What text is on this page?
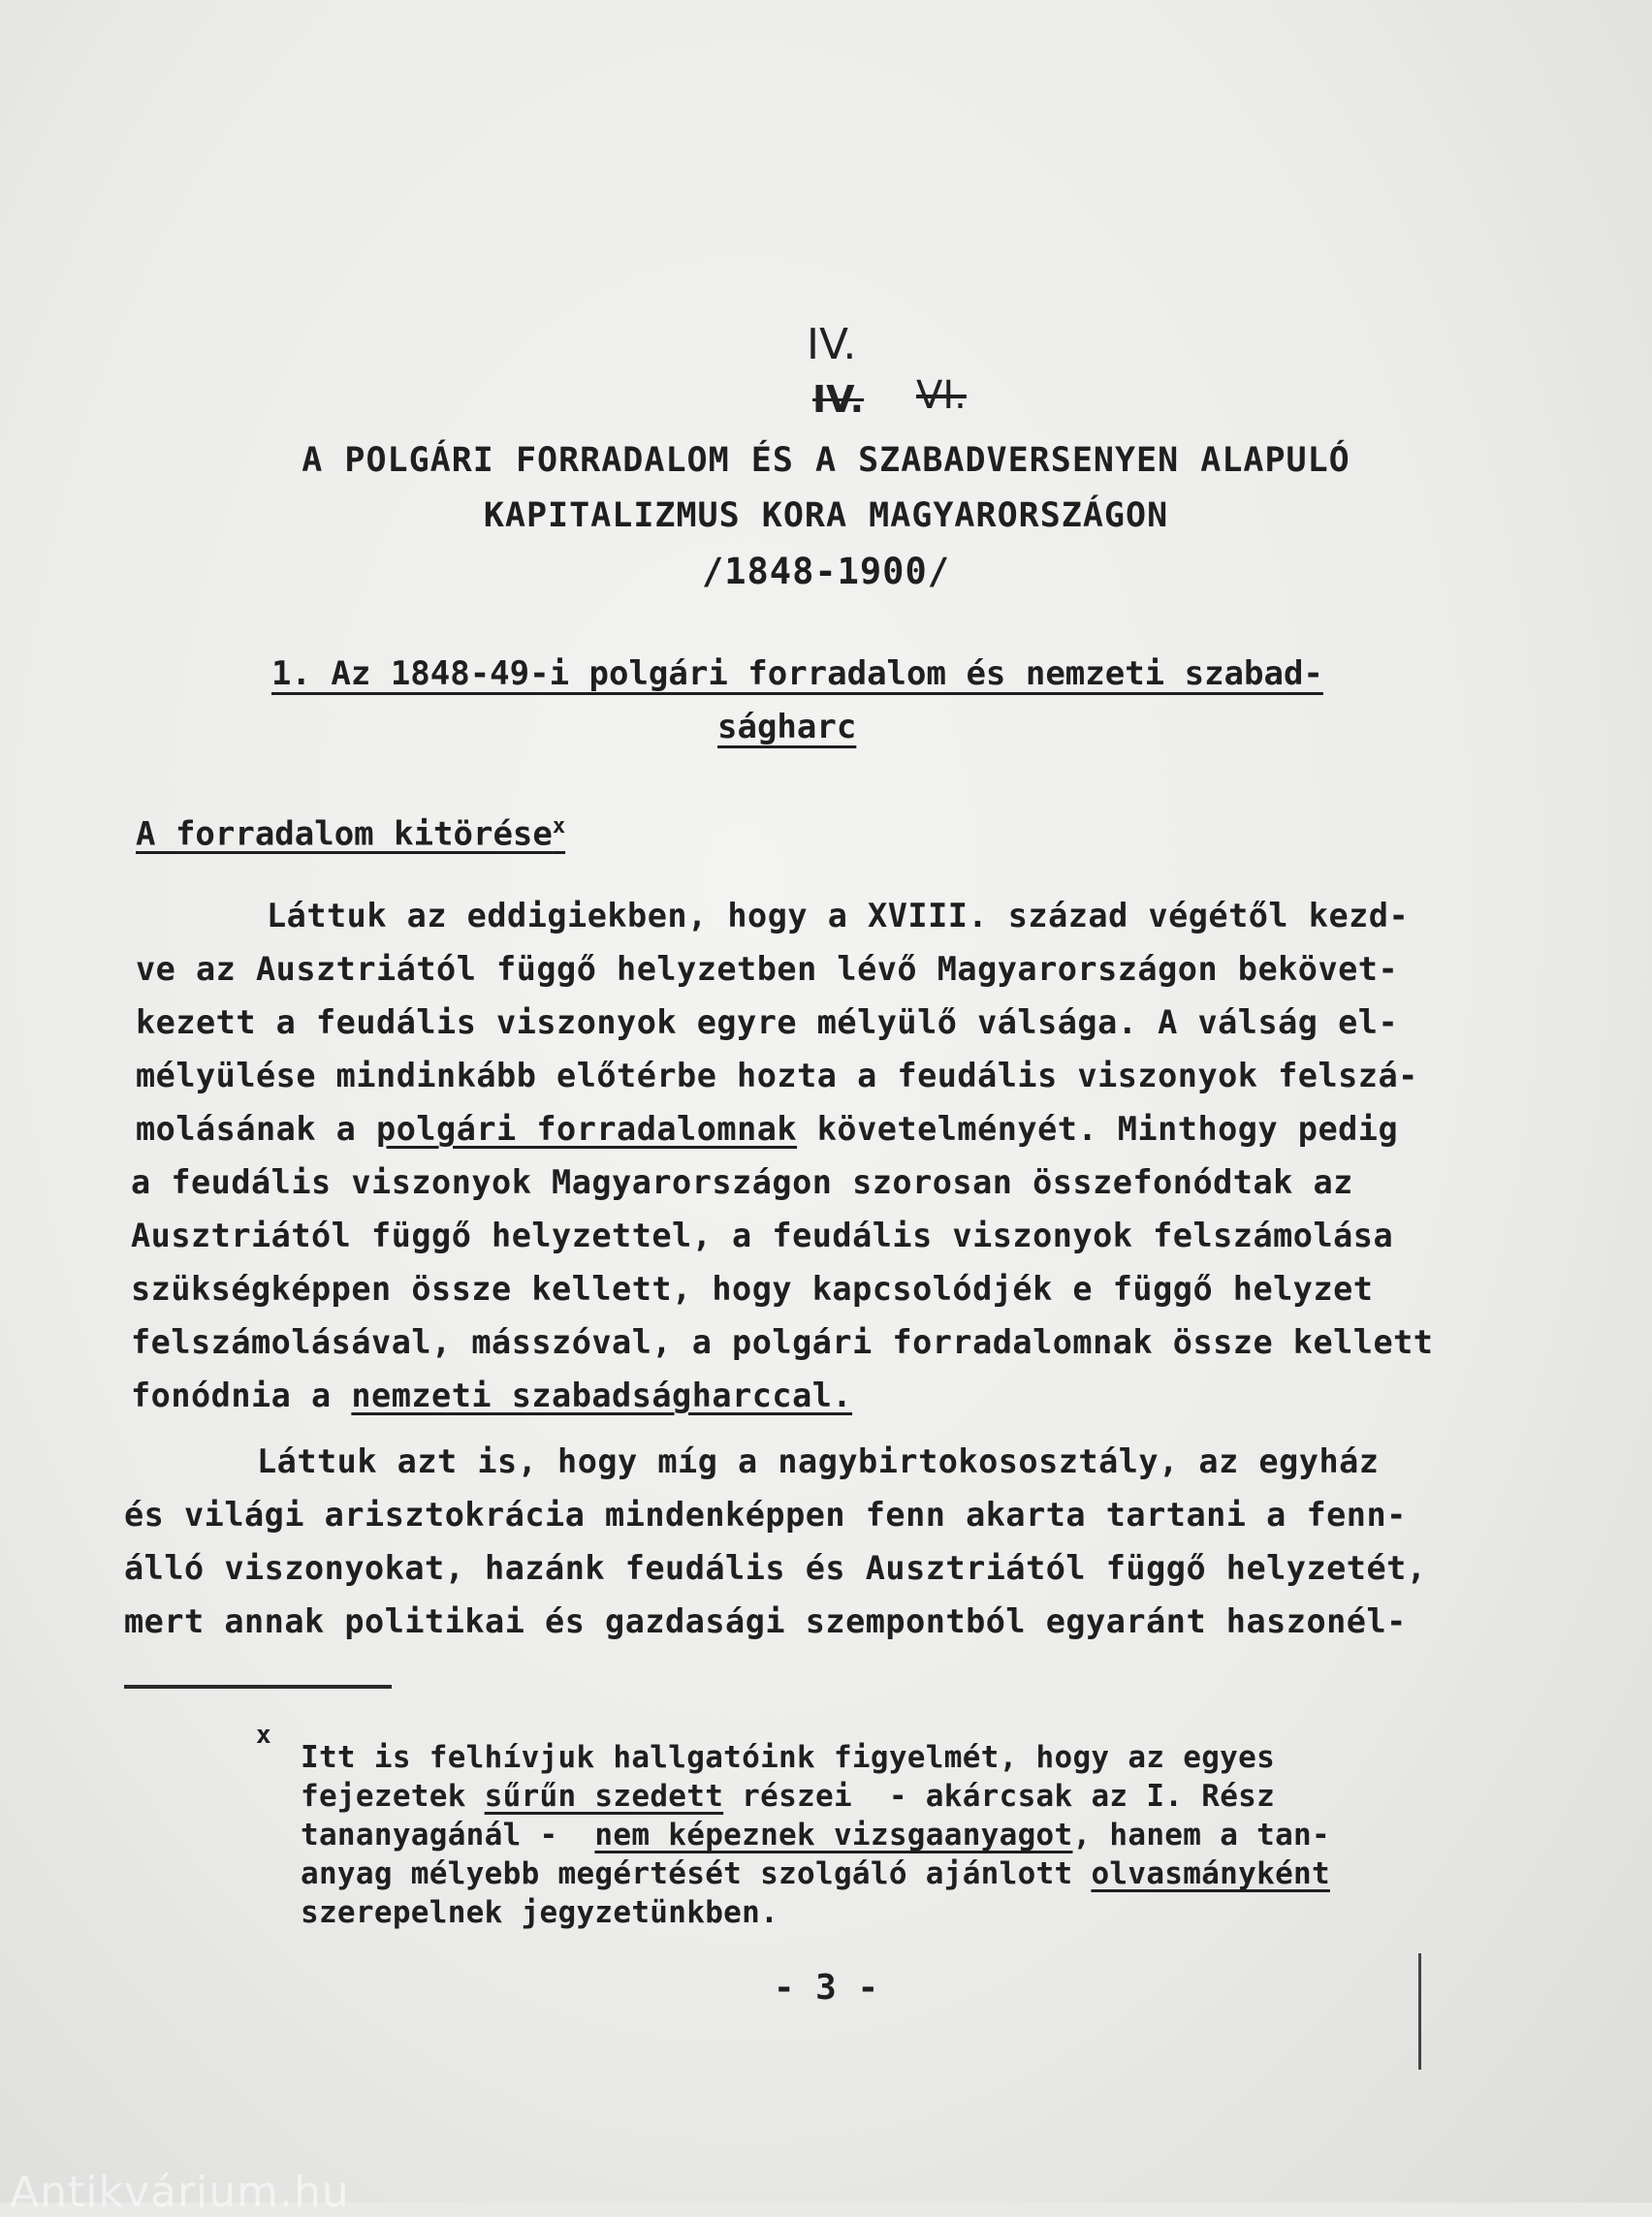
IV.
IV. VI.
A POLGÁRI FORRADALOM ÉS A SZABADVERSENYEN ALAPULÓ
KAPITALIZMUS KORA MAGYARORSZÁGON
/1848-1900/
1. Az 1848-49-i polgári forradalom és nemzeti szabad-
ságharc
A forradalom kitörése$^x$
Láttuk az eddigiekben, hogy a XVIII. század végétől kezd-
ve az Ausztriától függő helyzetben lévő Magyarországon bekövet-
kezett a feudális viszonyok egyre mélyülő válsága. A válság el-
mélyülése mindinkább előtérbe hozta a feudális viszonyok felszá-
molásának a polgári forradalomnak követelményét. Minthogy pedig
a feudális viszonyok Magyarországon szorosan összefonódtak az
Ausztriától függő helyzettel, a feudális viszonyok felszámolása
szükségképpen össze kellett, hogy kapcsolódjék e függő helyzet
felszámolásával, másszóval, a polgári forradalomnak össze kellett
fonódnia a nemzeti szabadságharccal.
Láttuk azt is, hogy míg a nagybirtokososztály, az egyház
és világi arisztokrácia mindenképpen fenn akarta tartani a fenn-
álló viszonyokat, hazánk feudális és Ausztriától függő helyzetét,
mert annak politikai és gazdasági szempontból egyaránt haszonél-
x
Itt is felhívjuk hallgatóink figyelmét, hogy az egyes
fejezetek sűrűn szedett részei  - akárcsak az I. Rész
tananyagánál -  nem képeznek vizsgaanyagot, hanem a tan-
anyag mélyebb megértését szolgáló ajánlott olvasmányként
szerepelnek jegyzetünkben.
- 3 -
Antikvárium.hu
